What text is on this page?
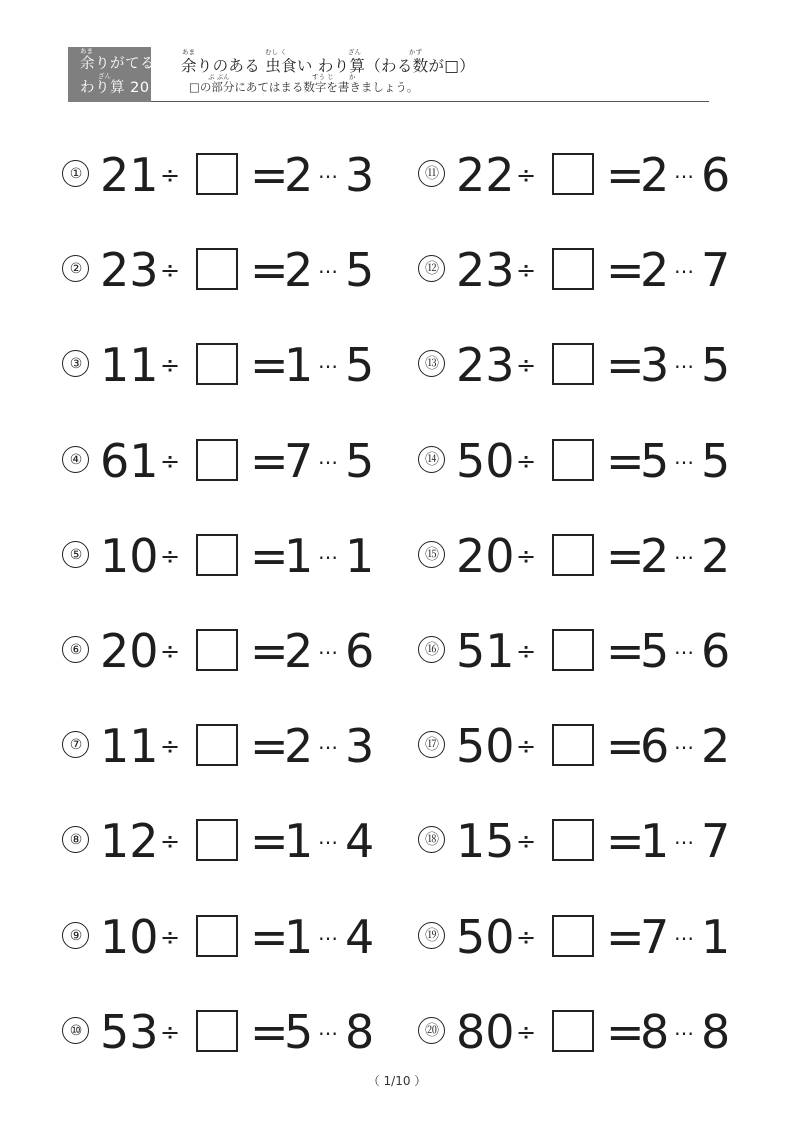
あま
余りがてる
ざん
わり算 20
あま	むし く	ざん	かず
余りのある 虫食い わり算（わる数が□）
ぶ ぶん	すう じ か
□の部分にあてはまる数字を書きましょう。
① 21 ÷ =
2 … 3
② 23 ÷ =
2 … 5
③ 11 ÷ =
1 … 5
④ 61 ÷ =
7 … 5
⑤ 10 ÷ =
1 … 1
⑥ 20 ÷ =
2 … 6
⑦ 11 ÷ =
2 … 3
⑧ 12 ÷ =
1 … 4
⑨ 10 ÷ =
1 … 4
⑩ 53 ÷ =
5 … 8
⑪ 22 ÷ =
2 … 6
⑫ 23 ÷ =
2 … 7
⑬ 23 ÷ =
3 … 5
⑭ 50 ÷ =
5 … 5
⑮ 20 ÷ =
2 … 2
⑯ 51 ÷ =
5 … 6
⑰ 50 ÷ =
6 … 2
⑱ 15 ÷ =
1 … 7
⑲ 50 ÷ =
7 … 1
⑳ 80 ÷ =
8 … 8
（ 1/10 ）
